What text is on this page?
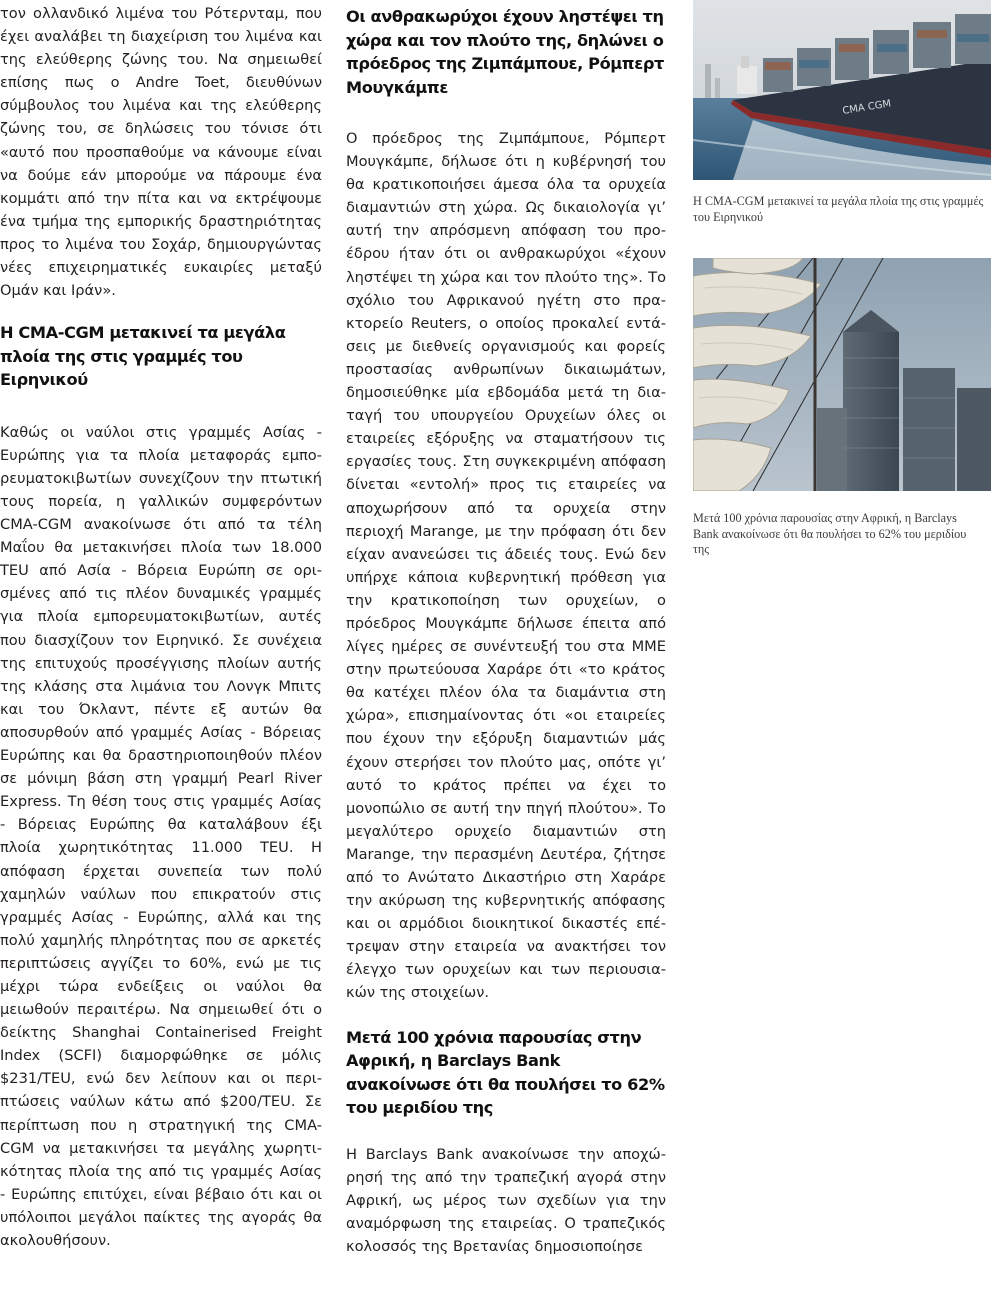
τον ολλανδικό λιμένα του Ρότερνταμ, που έχει αναλάβει τη διαχείριση του λιμένα και της ελεύθερης ζώνης του. Να σημειωθεί επίσης πως ο Andre Toet, διευθύνων σύμβουλος του λιμένα και της ελεύθερης ζώνης του, σε δηλώσεις του τόνισε ότι «αυτό που προσπαθούμε να κάνουμε είναι να δούμε εάν μπορούμε να πάρουμε ένα κομμάτι από την πίτα και να εκτρέψουμε ένα τμήμα της εμπορικής δραστηριότητας προς το λιμένα του Σοχάρ, δημιουργώντας νέες επιχειρηματικές ευκαιρίες μεταξύ Ομάν και Ιράν».

Η CMA-CGM μετακινεί τα μεγάλα πλοία της στις γραμμές του Ειρηνικού

Καθώς οι ναύλοι στις γραμμές Ασίας - Ευρώπης για τα πλοία μεταφοράς εμπορευματοκιβωτίων συνεχίζουν την πτωτική τους πορεία, η γαλλικών συμφερόντων CMA-CGM ανακοίνωσε ότι από τα τέλη Μαΐου θα μετακινήσει πλοία των 18.000 TEU από Ασία - Βόρεια Ευρώπη σε ορισμένες από τις πλέον δυναμικές γραμμές για πλοία εμπορευματοκιβωτίων, αυτές που διασχίζουν τον Ειρηνικό. Σε συνέχεια της επιτυχούς προσέγγισης πλοίων αυτής της κλάσης στα λιμάνια του Λονγκ Μπιτς και του Όκλαντ, πέντε εξ αυτών θα αποσυρθούν από γραμμές Ασίας - Βόρειας Ευρώπης και θα δραστηριοποιηθούν πλέον σε μόνιμη βάση στη γραμμή Pearl River Express. Τη θέση τους στις γραμμές Ασίας - Βόρειας Ευρώπης θα καταλάβουν έξι πλοία χωρητικότητας 11.000 TEU. Η απόφαση έρχεται συνεπεία των πολύ χαμηλών ναύλων που επικρατούν στις γραμμές Ασίας - Ευρώπης, αλλά και της πολύ χαμηλής πληρότητας που σε αρκετές περιπτώσεις αγγίζει το 60%, ενώ με τις μέχρι τώρα ενδείξεις οι ναύλοι θα μειωθούν περαιτέρω. Να σημειωθεί ότι ο δείκτης Shanghai Containerised Freight Index (SCFI) διαμορφώθηκε σε μόλις $231/TEU, ενώ δεν λείπουν και οι περιπτώσεις ναύλων κάτω από $200/TEU. Σε περίπτωση που η στρατηγική της CMA-CGM να μετακινήσει τα μεγάλης χωρητικότητας πλοία της από τις γραμμές Ασίας - Ευρώπης επιτύχει, είναι βέβαιο ότι και οι υπόλοιποι μεγάλοι παίκτες της αγοράς θα ακολουθήσουν.

Οι ανθρακωρύχοι έχουν ληστέψει τη χώρα και τον πλούτο της, δηλώνει ο πρόεδρος της Ζιμπάμπουε, Ρόμπερτ Μουγκάμπε

Ο πρόεδρος της Ζιμπάμπουε, Ρόμπερτ Μουγκάμπε, δήλωσε ότι η κυβέρνησή του θα κρατικοποιήσει άμεσα όλα τα ορυχεία διαμαντιών στη χώρα. Ως δικαιολογία γι’ αυτή την απρόσμενη απόφαση του προέδρου ήταν ότι οι ανθρακωρύχοι «έχουν ληστέψει τη χώρα και τον πλούτο της». Το σχόλιο του Αφρικανού ηγέτη στο πρακτορείο Reuters, ο οποίος προκαλεί εντάσεις με διεθνείς οργανισμούς και φορείς προστασίας ανθρωπίνων δικαιωμάτων, δημοσιεύθηκε μία εβδομάδα μετά τη διαταγή του υπουργείου Ορυχείων όλες οι εταιρείες εξόρυξης να σταματήσουν τις εργασίες τους. Στη συγκεκριμένη απόφαση δίνεται «εντολή» προς τις εταιρείες να αποχωρήσουν από τα ορυχεία στην περιοχή Marange, με την πρόφαση ότι δεν είχαν ανανεώσει τις άδειές τους. Ενώ δεν υπήρχε κάποια κυβερνητική πρόθεση για την κρατικοποίηση των ορυχείων, ο πρόεδρος Μουγκάμπε δήλωσε έπειτα από λίγες ημέρες σε συνέντευξή του στα ΜΜΕ στην πρωτεύουσα Χαράρε ότι «το κράτος θα κατέχει πλέον όλα τα διαμάντια στη χώρα», επισημαίνοντας ότι «οι εταιρείες που έχουν την εξόρυξη διαμαντιών μάς έχουν στερήσει τον πλούτο μας, οπότε γι’ αυτό το κράτος πρέπει να έχει το μονοπώλιο σε αυτή την πηγή πλούτου». Το μεγαλύτερο ορυχείο διαμαντιών στη Marange, την περασμένη Δευτέρα, ζήτησε από το Ανώτατο Δικαστήριο στη Χαράρε την ακύρωση της κυβερνητικής απόφασης και οι αρμόδιοι διοικητικοί δικαστές επέτρεψαν στην εταιρεία να ανακτήσει τον έλεγχο των ορυχείων και των περιουσιακών της στοιχείων.

Μετά 100 χρόνια παρουσίας στην Αφρική, η Barclays Bank ανακοίνωσε ότι θα πουλήσει το 62% του μεριδίου της

Η Barclays Bank ανακοίνωσε την αποχώρησή της από την τραπεζική αγορά στην Αφρική, ως μέρος των σχεδίων για την αναμόρφωση της εταιρείας. Ο τραπεζικός κολοσσός της Βρετανίας δημοσιοποίησε

CMA CGM

Η CMA-CGM μετακινεί τα μεγάλα πλοία της στις γραμμές του Ειρηνικού

Μετά 100 χρόνια παρουσίας στην Αφρική, η Barclays Bank ανακοίνωσε ότι θα πουλήσει το 62% του μεριδίου της
